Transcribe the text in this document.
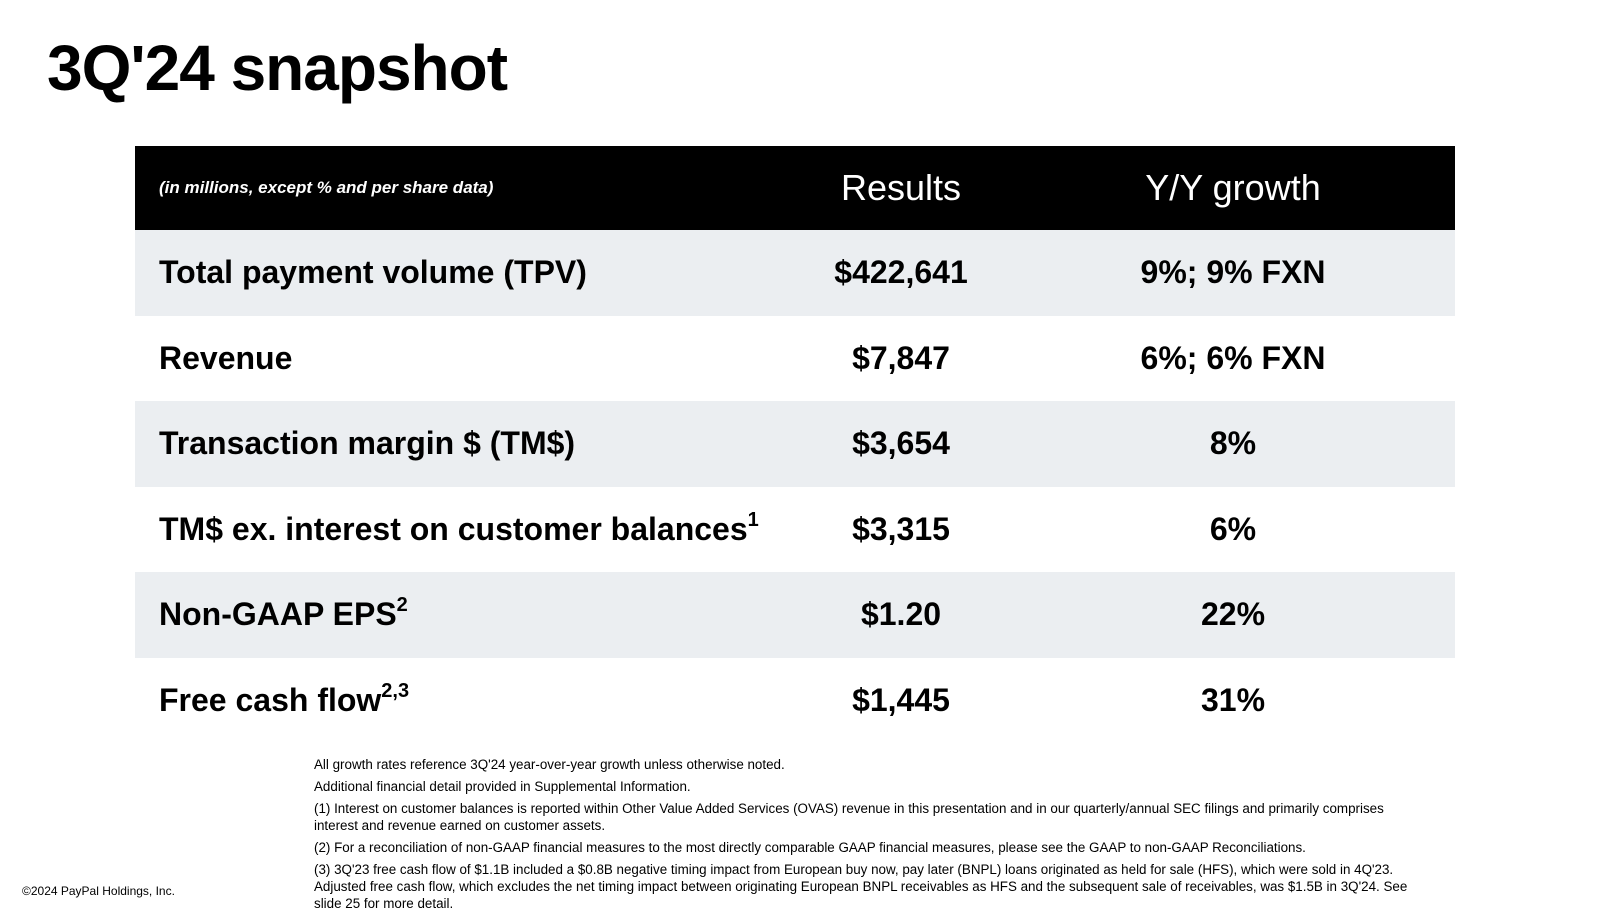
3Q'24 snapshot
(in millions, except % and per share data)	Results	Y/Y growth
Total payment volume (TPV)	$422,641	9%; 9% FXN
Revenue	$7,847	6%; 6% FXN
Transaction margin $ (TM$)	$3,654	8%
TM$ ex. interest on customer balances$^1$	$3,315	6%
Non-GAAP EPS$^2$	$1.20	22%
Free cash flow$^{2,3}$	$1,445	31%

All growth rates reference 3Q'24 year-over-year growth unless otherwise noted.

Additional financial detail provided in Supplemental Information.

(1) Interest on customer balances is reported within Other Value Added Services (OVAS) revenue in this presentation and in our quarterly/annual SEC filings and primarily comprises interest and revenue earned on customer assets.

(2) For a reconciliation of non-GAAP financial measures to the most directly comparable GAAP financial measures, please see the GAAP to non-GAAP Reconciliations.

(3) 3Q'23 free cash flow of $1.1B included a $0.8B negative timing impact from European buy now, pay later (BNPL) loans originated as held for sale (HFS), which were sold in 4Q'23. Adjusted free cash flow, which excludes the net timing impact between originating European BNPL receivables as HFS and the subsequent sale of receivables, was $1.5B in 3Q'24. See slide 25 for more detail.

©2024 PayPal Holdings, Inc.
